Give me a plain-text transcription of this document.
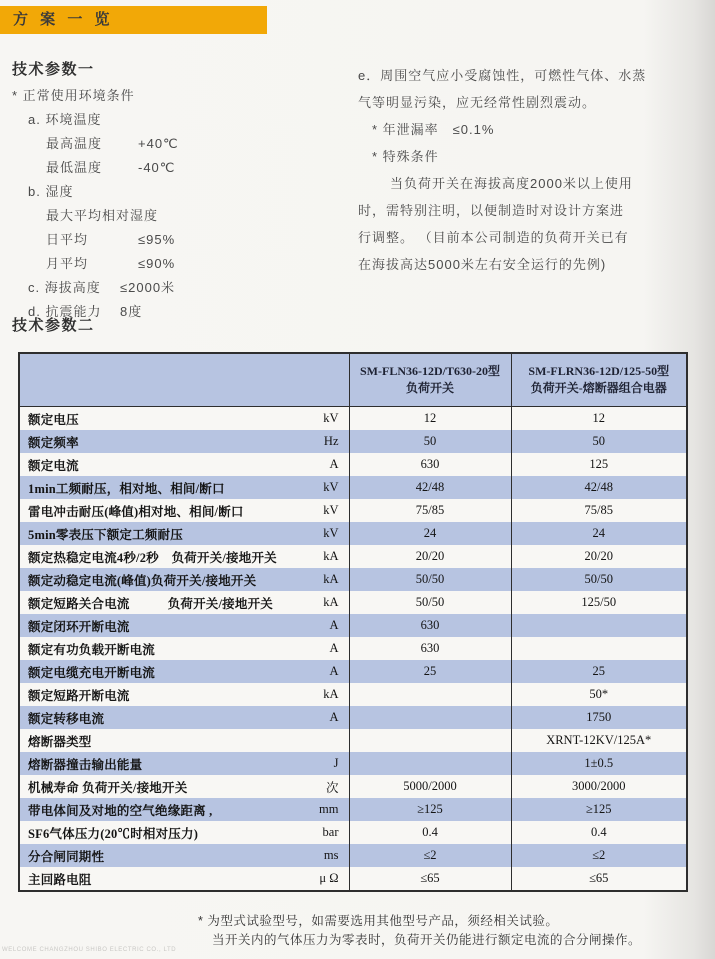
方 案 一 览
技术参数一
* 正常使用环境条件
a. 环境温度
最高温度	+40℃
最低温度	-40℃
b. 湿度
最大平均相对湿度
日平均	≤95%
月平均	≤90%
c. 海拔高度 ≤2000米
d. 抗震能力 8度
e．周围空气应小受腐蚀性，可燃性气体、水蒸
气等明显污染，应无经常性剧烈震动。
* 年泄漏率　≤0.1%
* 特殊条件
当负荷开关在海拔高度2000米以上使用
时，需特别注明，以便制造时对设计方案进
行调整。 （目前本公司制造的负荷开关已有
在海拔高达5000米左右安全运行的先例)
技术参数二

SM-FLN36-12D/T630-20型
负荷开关

SM-FLRN36-12D/125-50型
负荷开关-熔断器组合电器

额定电压 kV	12	12

额定频率 Hz	50	50

额定电流 A	630	125

1min工频耐压，相对地、相间/断口 kV	42/48	42/48

雷电冲击耐压(峰值)相对地、相间/断口 kV	75/85	75/85

5min零表压下额定工频耐压 kV	24	24

额定热稳定电流4秒/2秒　负荷开关/接地开关 kA	20/20	20/20

额定动稳定电流(峰值)负荷开关/接地开关 kA	50/50	50/50

额定短路关合电流　　　负荷开关/接地开关 kA	50/50	125/50

额定闭环开断电流 A	630	

额定有功负载开断电流 A	630	

额定电缆充电开断电流 A	25	25

额定短路开断电流 kA		50*

额定转移电流 A		1750

熔断器类型		XRNT-12KV/125A*

熔断器撞击输出能量 J		1±0.5

机械寿命 负荷开关/接地开关 次	5000/2000	3000/2000

带电体间及对地的空气绝缘距离 , mm	≥125	≥125

SF6气体压力(20℃时相对压力) bar	0.4	0.4

分合闸同期性 ms	≤2	≤2

主回路电阻 μ Ω	≤65	≤65
* 为型式试验型号，如需要选用其他型号产品，须经相关试验。
当开关内的气体压力为零表时，负荷开关仍能进行额定电流的合分闸操作。
WELCOME CHANGZHOU SHIBO ELECTRIC CO., LTD
